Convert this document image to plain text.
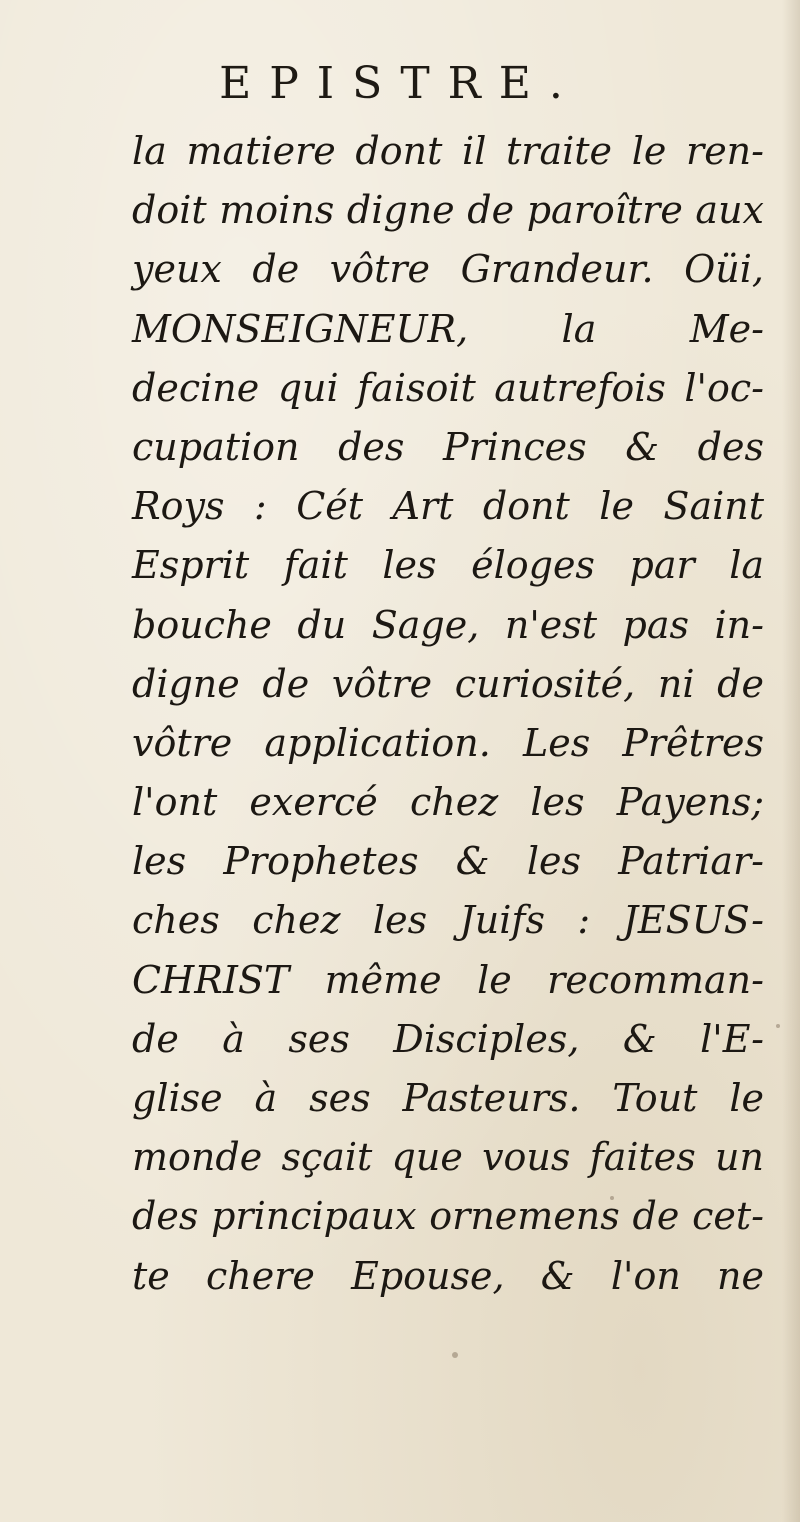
EPISTRE.
la matiere dont il traite le ren-
doit moins digne de paroître aux
yeux de vôtre Grandeur. Oüi,
MONSEIGNEUR, la Me-
decine qui faisoit autrefois l'oc-
cupation des Princes & des
Roys : Cét Art dont le Saint
Esprit fait les éloges par la
bouche du Sage, n'est pas in-
digne de vôtre curiosité, ni de
vôtre application. Les Prêtres
l'ont exercé chez les Payens;
les Prophetes & les Patriar-
ches chez les Juifs : JESUS-
CHRIST même le recomman-
de à ses Disciples, & l'E-
glise à ses Pasteurs. Tout le
monde sçait que vous faites un
des principaux ornemens de cet-
te chere Epouse, & l'on ne
